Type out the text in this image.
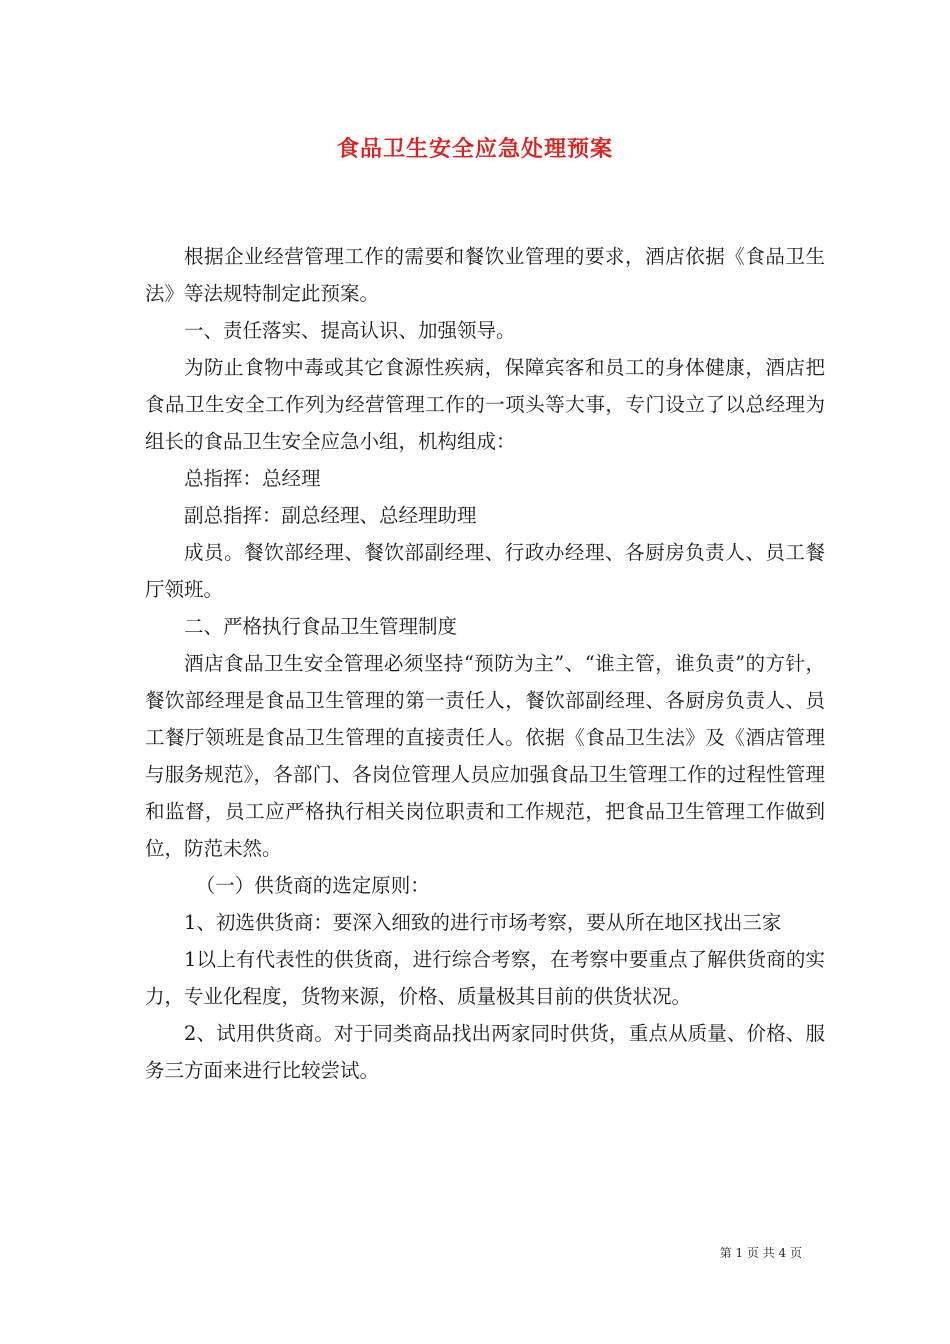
食品卫生安全应急处理预案

根据企业经营管理工作的需要和餐饮业管理的要求，酒店依据《食品卫生法》等法规特制定此预案。

一、责任落实、提高认识、加强领导。

为防止食物中毒或其它食源性疾病，保障宾客和员工的身体健康，酒店把食品卫生安全工作列为经营管理工作的一项头等大事，专门设立了以总经理为组长的食品卫生安全应急小组，机构组成：

总指挥：总经理

副总指挥：副总经理、总经理助理

成员。餐饮部经理、餐饮部副经理、行政办经理、各厨房负责人、员工餐厅领班。

二、严格执行食品卫生管理制度

酒店食品卫生安全管理必须坚持“预防为主”、“谁主管，谁负责”的方针，餐饮部经理是食品卫生管理的第一责任人，餐饮部副经理、各厨房负责人、员工餐厅领班是食品卫生管理的直接责任人。依据《食品卫生法》及《酒店管理与服务规范》，各部门、各岗位管理人员应加强食品卫生管理工作的过程性管理和监督，员工应严格执行相关岗位职责和工作规范，把食品卫生管理工作做到位，防范未然。

（一）供货商的选定原则：

1、初选供货商：要深入细致的进行市场考察，要从所在地区找出三家

1以上有代表性的供货商，进行综合考察，在考察中要重点了解供货商的实力，专业化程度，货物来源，价格、质量极其目前的供货状况。

2、试用供货商。对于同类商品找出两家同时供货，重点从质量、价格、服务三方面来进行比较尝试。

第 1 页 共 4 页
